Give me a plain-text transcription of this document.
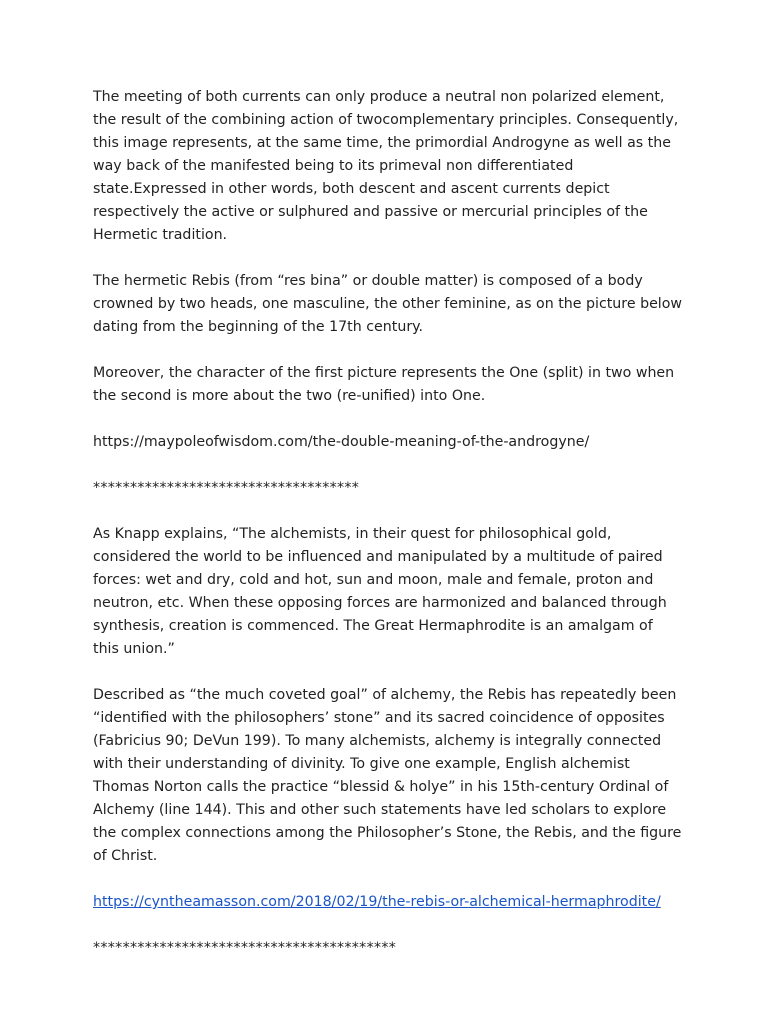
The meeting of both currents can only produce a neutral non polarized element, the result of the combining action of twocomplementary principles. Consequently, this image represents, at the same time, the primordial Androgyne as well as the way back of the manifested being to its primeval non differentiated state.Expressed in other words, both descent and ascent currents depict respectively the active or sulphured and passive or mercurial principles of the Hermetic tradition.

The hermetic Rebis (from “res bina” or double matter) is composed of a body crowned by two heads, one masculine, the other feminine, as on the picture below dating from the beginning of the 17th century.

Moreover, the character of the first picture represents the One (split) in two when the second is more about the two (re-unified) into One.

https://maypoleofwisdom.com/the-double-meaning-of-the-androgyne/

************************************

As Knapp explains, “The alchemists, in their quest for philosophical gold, considered the world to be influenced and manipulated by a multitude of paired forces: wet and dry, cold and hot, sun and moon, male and female, proton and neutron, etc. When these opposing forces are harmonized and balanced through synthesis, creation is commenced. The Great Hermaphrodite is an amalgam of this union.”

Described as “the much coveted goal” of alchemy, the Rebis has repeatedly been “identified with the philosophers’ stone” and its sacred coincidence of opposites (Fabricius 90; DeVun 199). To many alchemists, alchemy is integrally connected with their understanding of divinity. To give one example, English alchemist Thomas Norton calls the practice “blessid & holye” in his 15th-century Ordinal of Alchemy (line 144). This and other such statements have led scholars to explore the complex connections among the Philosopher’s Stone, the Rebis, and the figure of Christ.

https://cyntheamasson.com/2018/02/19/the-rebis-or-alchemical-hermaphrodite/

*****************************************
